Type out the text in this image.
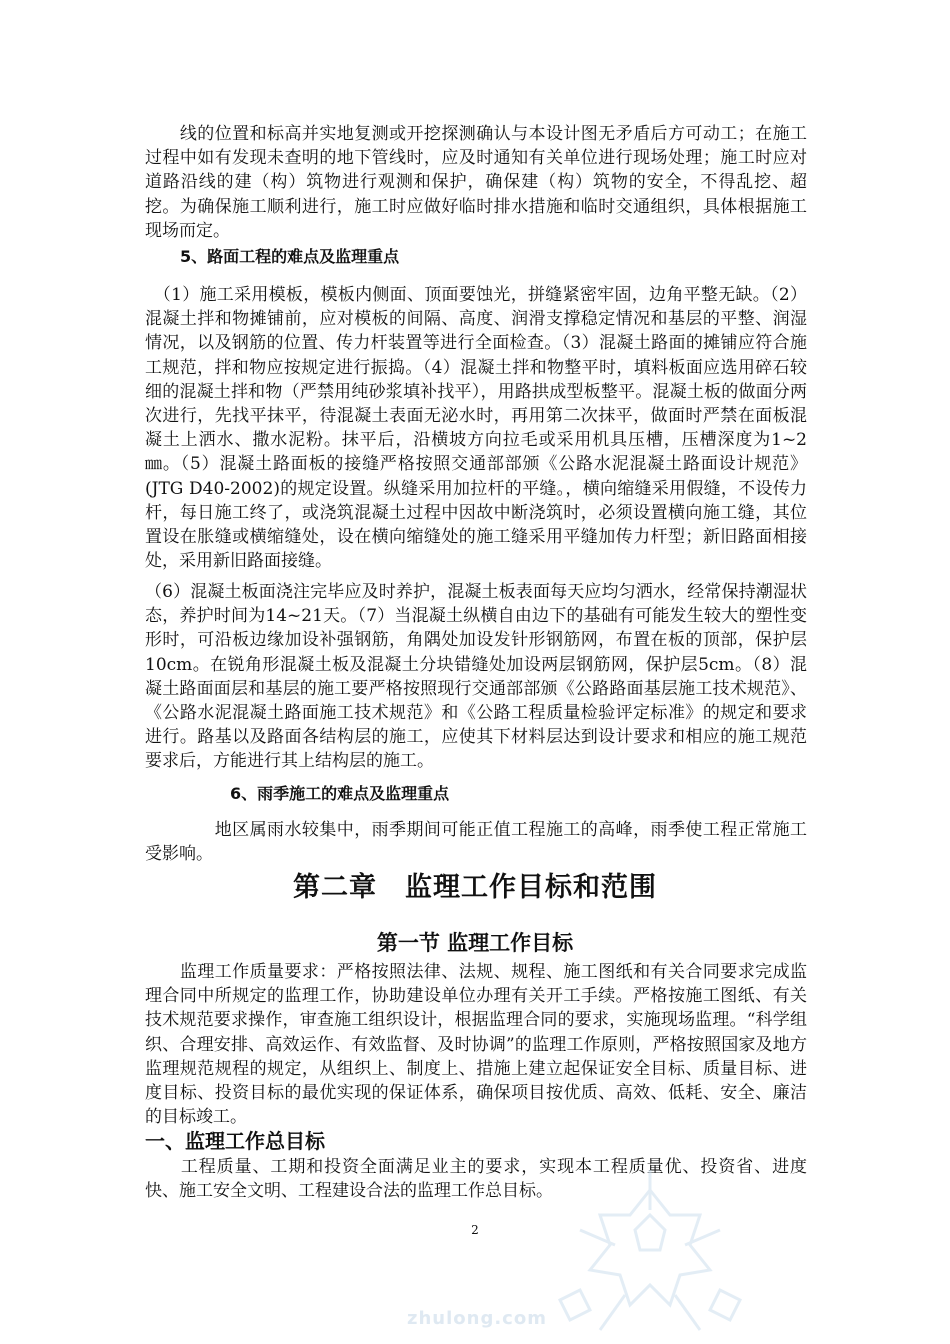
　　线的位置和标高并实地复测或开挖探测确认与本设计图无矛盾后方可动工；在施工过程中如有发现未查明的地下管线时，应及时通知有关单位进行现场处理；施工时应对道路沿线的建（构）筑物进行观测和保护，确保建（构）筑物的安全，不得乱挖、超挖。为确保施工顺利进行，施工时应做好临时排水措施和临时交通组织，具体根据施工现场而定。

5、路面工程的难点及监理重点

　（1）施工采用模板，模板内侧面、顶面要蚀光，拼缝紧密牢固，边角平整无缺。（2）混凝土拌和物摊铺前，应对模板的间隔、高度、润滑支撑稳定情况和基层的平整、润湿情况，以及钢筋的位置、传力杆装置等进行全面检查。（3）混凝土路面的摊铺应符合施工规范，拌和物应按规定进行振捣。（4）混凝土拌和物整平时，填料板面应选用碎石较细的混凝土拌和物（严禁用纯砂浆填补找平），用路拱成型板整平。混凝土板的做面分两次进行，先找平抹平，待混凝土表面无泌水时，再用第二次抹平，做面时严禁在面板混凝土上洒水、撒水泥粉。抹平后，沿横坡方向拉毛或采用机具压槽，压槽深度为1~2㎜。（5）混凝土路面板的接缝严格按照交通部部颁《公路水泥混凝土路面设计规范》(JTG D40-2002)的规定设置。纵缝采用加拉杆的平缝。，横向缩缝采用假缝，不设传力杆，每日施工终了，或浇筑混凝土过程中因故中断浇筑时，必须设置横向施工缝，其位置设在胀缝或横缩缝处，设在横向缩缝处的施工缝采用平缝加传力杆型；新旧路面相接处，采用新旧路面接缝。

（6）混凝土板面浇注完毕应及时养护，混凝土板表面每天应均匀洒水，经常保持潮湿状态，养护时间为14~21天。（7）当混凝土纵横自由边下的基础有可能发生较大的塑性变形时，可沿板边缘加设补强钢筋，角隅处加设发针形钢筋网，布置在板的顶部，保护层10cm。在锐角形混凝土板及混凝土分块错缝处加设两层钢筋网，保护层5cm。（8）混凝土路面面层和基层的施工要严格按照现行交通部部颁《公路路面基层施工技术规范》、《公路水泥混凝土路面施工技术规范》和《公路工程质量检验评定标准》的规定和要求进行。路基以及路面各结构层的施工，应使其下材料层达到设计要求和相应的施工规范要求后，方能进行其上结构层的施工。

6、雨季施工的难点及监理重点

　　　　地区属雨水较集中，雨季期间可能正值工程施工的高峰，雨季使工程正常施工受影响。

第二章　监理工作目标和范围
第一节 监理工作目标

　　监理工作质量要求：严格按照法律、法规、规程、施工图纸和有关合同要求完成监理合同中所规定的监理工作，协助建设单位办理有关开工手续。严格按施工图纸、有关技术规范要求操作，审查施工组织设计，根据监理合同的要求，实施现场监理。“科学组织、合理安排、高效运作、有效监督、及时协调”的监理工作原则，严格按照国家及地方监理规范规程的规定，从组织上、制度上、措施上建立起保证安全目标、质量目标、进度目标、投资目标的最优实现的保证体系，确保项目按优质、高效、低耗、安全、廉洁的目标竣工。

一、监理工作总目标

　　工程质量、工期和投资全面满足业主的要求，实现本工程质量优、投资省、进度快、施工安全文明、工程建设合法的监理工作总目标。

2
zhulong.com
